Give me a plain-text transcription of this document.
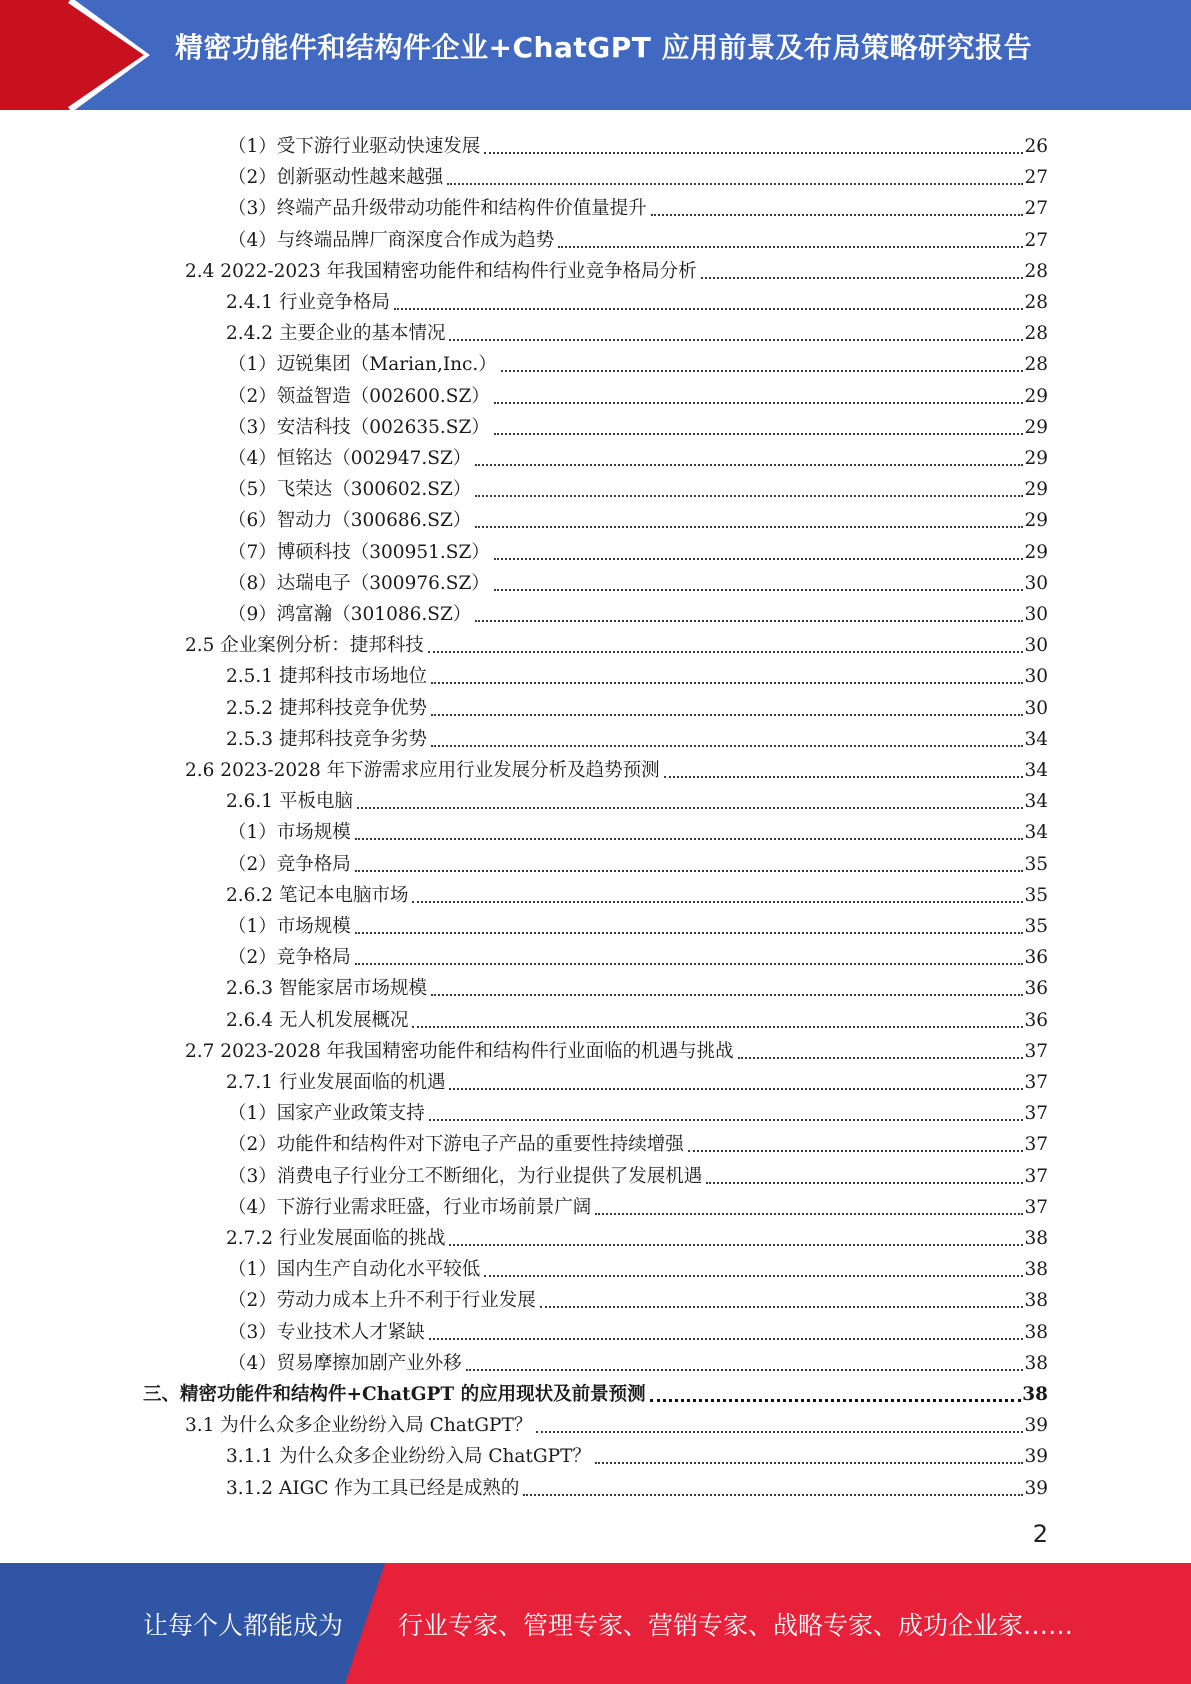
精密功能件和结构件企业+ChatGPT 应用前景及布局策略研究报告
（1）受下游行业驱动快速发展	26
（2）创新驱动性越来越强	27
（3）终端产品升级带动功能件和结构件价值量提升	27
（4）与终端品牌厂商深度合作成为趋势	27
2.4 2022-2023 年我国精密功能件和结构件行业竞争格局分析	28
2.4.1 行业竞争格局	28
2.4.2 主要企业的基本情况	28
（1）迈锐集团（Marian,Inc.）	28
（2）领益智造（002600.SZ）	29
（3）安洁科技（002635.SZ）	29
（4）恒铭达（002947.SZ）	29
（5）飞荣达（300602.SZ）	29
（6）智动力（300686.SZ）	29
（7）博硕科技（300951.SZ）	29
（8）达瑞电子（300976.SZ）	30
（9）鸿富瀚（301086.SZ）	30
2.5 企业案例分析：捷邦科技	30
2.5.1 捷邦科技市场地位	30
2.5.2 捷邦科技竞争优势	30
2.5.3 捷邦科技竞争劣势	34
2.6 2023-2028 年下游需求应用行业发展分析及趋势预测	34
2.6.1 平板电脑	34
（1）市场规模	34
（2）竞争格局	35
2.6.2 笔记本电脑市场	35
（1）市场规模	35
（2）竞争格局	36
2.6.3 智能家居市场规模	36
2.6.4 无人机发展概况	36
2.7 2023-2028 年我国精密功能件和结构件行业面临的机遇与挑战	37
2.7.1 行业发展面临的机遇	37
（1）国家产业政策支持	37
（2）功能件和结构件对下游电子产品的重要性持续增强	37
（3）消费电子行业分工不断细化，为行业提供了发展机遇	37
（4）下游行业需求旺盛，行业市场前景广阔	37
2.7.2 行业发展面临的挑战	38
（1）国内生产自动化水平较低	38
（2）劳动力成本上升不利于行业发展	38
（3）专业技术人才紧缺	38
（4）贸易摩擦加剧产业外移	38
三、精密功能件和结构件+ChatGPT 的应用现状及前景预测	38
3.1 为什么众多企业纷纷入局 ChatGPT？	39
3.1.1 为什么众多企业纷纷入局 ChatGPT？	39
3.1.2 AIGC 作为工具已经是成熟的	39
2
让每个人都能成为 行业专家、管理专家、营销专家、战略专家、成功企业家……
